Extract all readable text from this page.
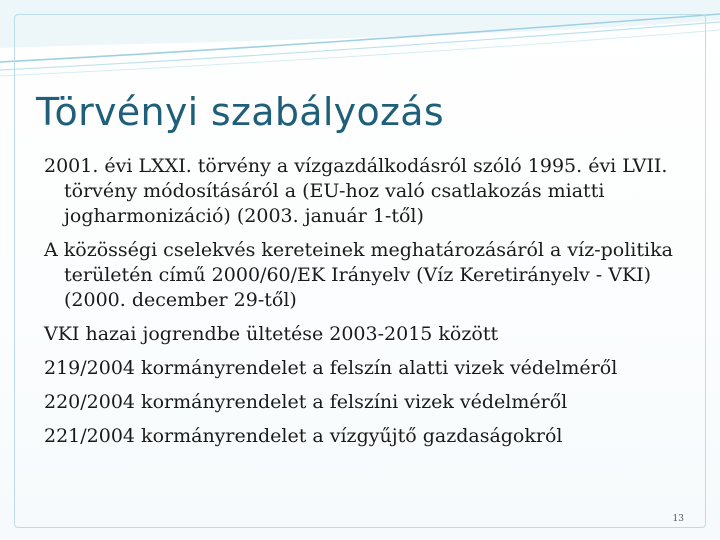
Törvényi szabályozás

2001. évi LXXI. törvény a vízgazdálkodásról szóló 1995. évi LVII. törvény módosításáról a (EU-hoz való csatlakozás miatti jogharmonizáció) (2003. január 1-től)

A közösségi cselekvés kereteinek meghatározásáról a víz-politika területén című 2000/60/EK Irányelv (Víz Keretirányelv - VKI) (2000. december 29-től)

VKI hazai jogrendbe ültetése 2003-2015 között

219/2004 kormányrendelet a felszín alatti vizek védelméről

220/2004 kormányrendelet a felszíni vizek védelméről

221/2004 kormányrendelet a vízgyűjtő gazdaságokról

13
